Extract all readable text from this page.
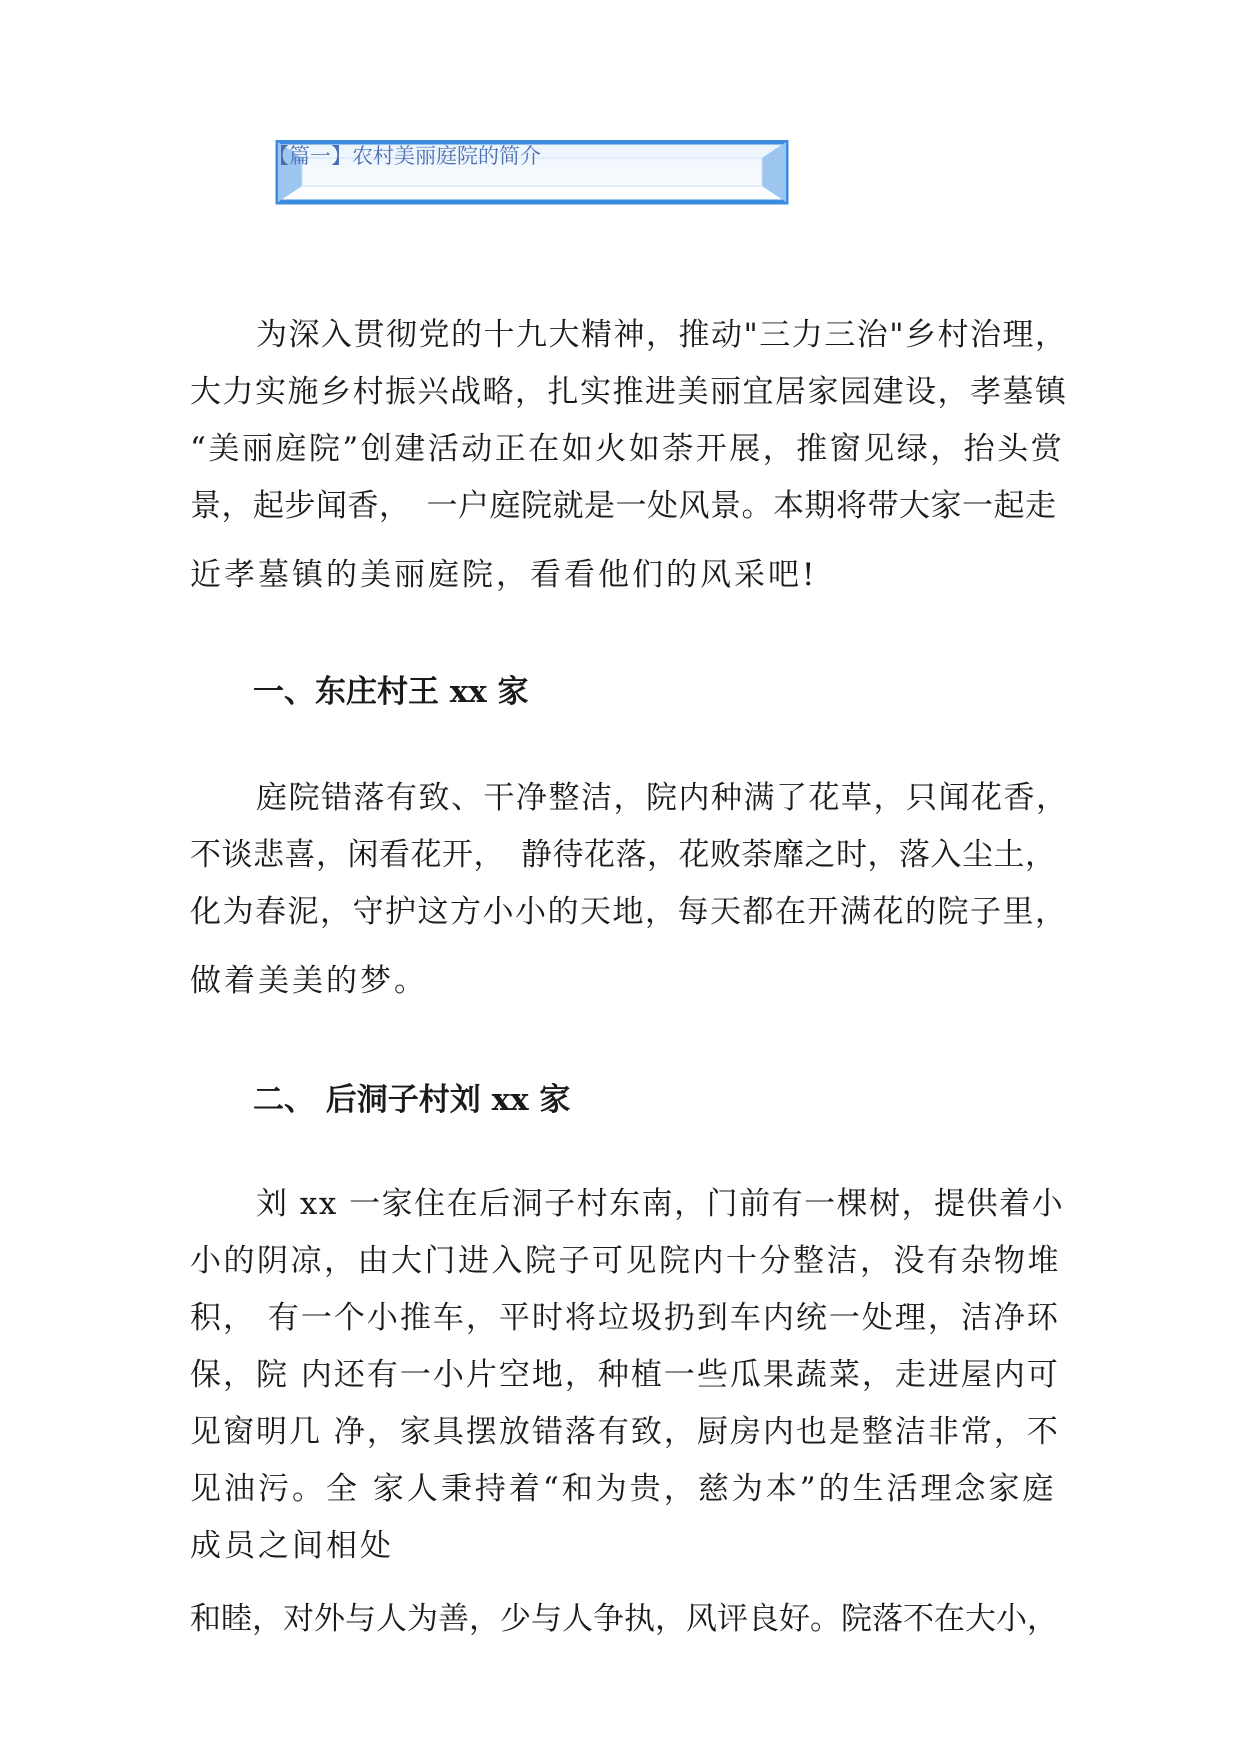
【篇一】农村美丽庭院的简介
为深入贯彻党的十九大精神，推动"三力三治"乡村治理，
大力实施乡村振兴战略，扎实推进美丽宜居家园建设，孝墓镇
“美丽庭院”创建活动正在如火如荼开展，推窗见绿，抬头赏
景，起步闻香，　一户庭院就是一处风景。本期将带大家一起走
近孝墓镇的美丽庭院，看看他们的风采吧!
一、东庄村王 xx 家
庭院错落有致、干净整洁，院内种满了花草，只闻花香，
不谈悲喜，闲看花开，　静待花落，花败荼靡之时，落入尘土，
化为春泥，守护这方小小的天地，每天都在开满花的院子里，
做着美美的梦。
二、 后洞子村刘 xx 家
刘 xx 一家住在后洞子村东南，门前有一棵树，提供着小
小的阴凉，由大门进入院子可见院内十分整洁，没有杂物堆
积， 有一个小推车，平时将垃圾扔到车内统一处理，洁净环
保，院 内还有一小片空地，种植一些瓜果蔬菜，走进屋内可
见窗明几 净，家具摆放错落有致，厨房内也是整洁非常，不
见油污。全 家人秉持着“和为贵，慈为本”的生活理念家庭
成员之间相处
和睦，对外与人为善，少与人争执，风评良好。院落不在大小，
